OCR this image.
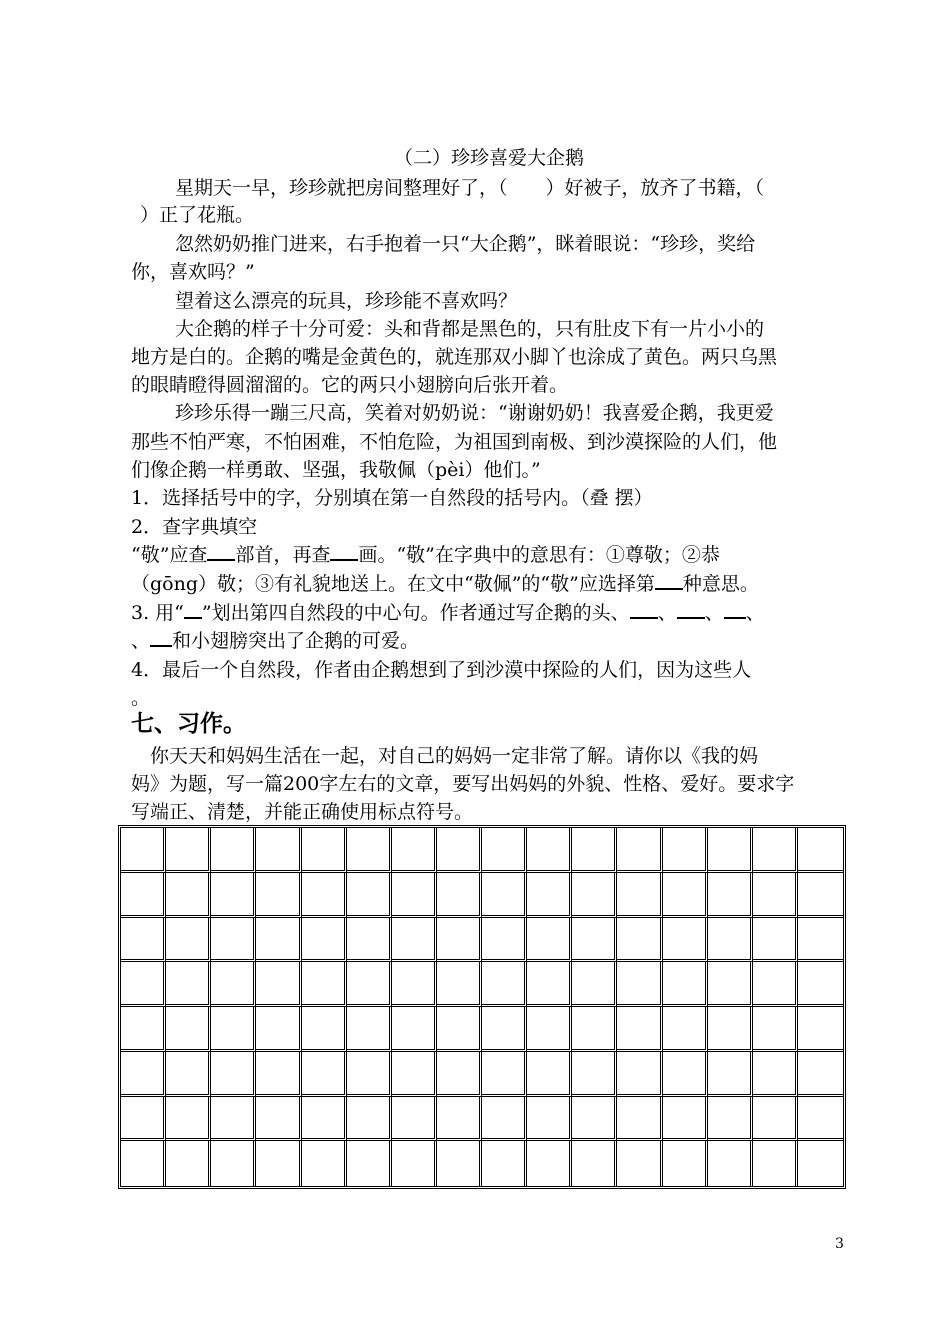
（二）珍珍喜爱大企鹅
星期天一早，珍珍就把房间整理好了，（　　）好被子，放齐了书籍，（
）正了花瓶。
忽然奶奶推门进来，右手抱着一只“大企鹅”，眯着眼说：“珍珍，奖给
你，喜欢吗？”
望着这么漂亮的玩具，珍珍能不喜欢吗？
大企鹅的样子十分可爱：头和背都是黑色的，只有肚皮下有一片小小的
地方是白的。企鹅的嘴是金黄色的，就连那双小脚丫也涂成了黄色。两只乌黑
的眼睛瞪得圆溜溜的。它的两只小翅膀向后张开着。
珍珍乐得一蹦三尺高，笑着对奶奶说：“谢谢奶奶！我喜爱企鹅，我更爱
那些不怕严寒，不怕困难，不怕危险，为祖国到南极、到沙漠探险的人们，他
们像企鹅一样勇敢、坚强，我敬佩（pèi）他们。”
1．选择括号中的字，分别填在第一自然段的括号内。（叠 摆）
2．查字典填空
“敬”应查 部首，再查 画。“敬”在字典中的意思有：①尊敬；②恭
（gōng）敬；③有礼貌地送上。在文中“敬佩”的“敬”应选择第 种意思。
3. 用“ ”划出第四自然段的中心句。作者通过写企鹅的头、 、 、 、
、 和小翅膀突出了企鹅的可爱。
4．最后一个自然段，作者由企鹅想到了到沙漠中探险的人们，因为这些人
。
七、习作。
你天天和妈妈生活在一起，对自己的妈妈一定非常了解。请你以《我的妈
妈》为题，写一篇200字左右的文章，要写出妈妈的外貌、性格、爱好。要求字
写端正、清楚，并能正确使用标点符号。
3
